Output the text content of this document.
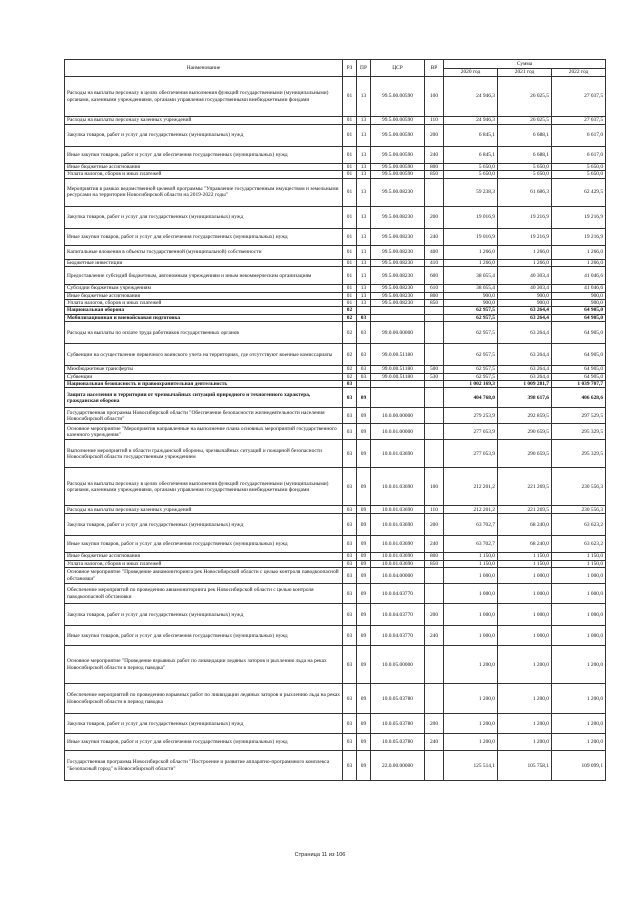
Наименование	РЗ	ПР	ЦСР	ВР	Сумма		
					2020 год	2021 год	2022 год
Расходы на выплаты персоналу в целях обеспечения выполнения функций государственными (муниципальными) органами, казенными учреждениями, органами управления государственными внебюджетными фондами	01	13	99.5.00.00590	100	24 946,3	26 025,5	27 037,5
Расходы на выплаты персоналу казенных учреждений	01	13	99.5.00.00590	110	24 946,3	26 025,5	27 037,5
Закупка товаров, работ и услуг для государственных (муниципальных) нужд	01	13	99.5.00.00590	200	6 845,1	6 688,1	6 617,0
Иные закупки товаров, работ и услуг для обеспечения государственных (муниципальных) нужд	01	13	99.5.00.00590	240	6 845,1	6 688,1	6 617,0
Иные бюджетные ассигнования	01	13	99.5.00.00590	800	5 650,0	5 650,0	5 650,0
Уплата налогов, сборов и иных платежей	01	13	99.5.00.00590	850	5 650,0	5 650,0	5 650,0
Мероприятия в рамках ведомственной целевой программы "Управление государственным имуществом и земельными ресурсами на территории Новосибирской области на 2019-2022 годы"	01	13	99.5.00.08230		59 238,3	61 686,3	62 429,5
Закупка товаров, работ и услуг для государственных (муниципальных) нужд	01	13	99.5.00.08230	200	19 016,9	19 216,9	19 216,9
Иные закупки товаров, работ и услуг для обеспечения государственных (муниципальных) нужд	01	13	99.5.00.08230	240	19 016,9	19 216,9	19 216,9
Капитальные вложения в объекты государственной (муниципальной) собственности	01	13	99.5.00.08230	400	1 266,0	1 266,0	1 266,0
Бюджетные инвестиции	01	13	99.5.00.08230	410	1 266,0	1 266,0	1 266,0
Предоставление субсидий бюджетным, автономным учреждениям и иным некоммерческим организациям	01	13	99.5.00.08230	600	38 055,4	40 303,4	41 046,6
Субсидии бюджетным учреждениям	01	13	99.5.00.08230	610	38 055,4	40 303,4	41 046,6
Иные бюджетные ассигнования	01	13	99.5.00.08230	800	900,0	900,0	900,0
Уплата налогов, сборов и иных платежей	01	13	99.5.00.08230	850	900,0	900,0	900,0
Национальная оборона	02				62 957,5	63 264,4	64 905,0
Мобилизационная и вневойсковая подготовка	02	03			62 957,5	63 264,4	64 905,0
Расходы на выплаты по оплате труда работников государственных органов	02	03	99.0.00.00000		62 957,5	63 264,4	64 905,0
Субвенции на осуществление первичного воинского учета на территориях, где отсутствуют военные комиссариаты	02	03	99.0.00.51180		62 957,5	63 264,4	64 905,0
Межбюджетные трансферты	02	03	99.0.00.51180	500	62 957,5	63 264,4	64 905,0
Субвенции	02	03	99.0.00.51180	530	62 957,5	63 264,4	64 905,0
Национальная безопасность и правоохранительная деятельность	03				1 002 169,3	1 009 281,7	1 039 707,7
Защита населения и территории от чрезвычайных ситуаций природного и техногенного характера, гражданская оборона	03	09			404 768,0	398 617,6	406 628,6
Государственная программа Новосибирской области "Обеспечение безопасности жизнедеятельности населения Новосибирской области"	03	09	10.0.00.00000		279 253,9	292 859,5	297 529,5
Основное мероприятие "Мероприятия направленные на выполнение плана основных мероприятий государственного казенного учреждения"	03	09	10.0.01.00000		277 053,9	290 659,5	295 329,5
Выполнение мероприятий в области гражданской обороны, чрезвычайных ситуаций и пожарной безопасности Новосибирской области государственным учреждением	03	09	10.0.01.03690		277 053,9	290 659,5	295 329,5
Расходы на выплаты персоналу в целях обеспечения выполнения функций государственными (муниципальными) органами, казенными учреждениями, органами управления государственными внебюджетными фондами	03	09	10.0.01.03690	100	212 201,2	221 269,5	230 556,3
Расходы на выплаты персоналу казенных учреждений	03	09	10.0.01.03690	110	212 201,2	221 269,5	230 556,3
Закупка товаров, работ и услуг для государственных (муниципальных) нужд	03	09	10.0.01.03690	200	63 702,7	68 240,0	63 623,2
Иные закупки товаров, работ и услуг для обеспечения государственных (муниципальных) нужд	03	09	10.0.01.03690	240	63 702,7	68 240,0	63 623,2
Иные бюджетные ассигнования	03	09	10.0.01.03690	800	1 150,0	1 150,0	1 150,0
Уплата налогов, сборов и иных платежей	03	09	10.0.01.03690	850	1 150,0	1 150,0	1 150,0
Основное мероприятие "Проведение авиамониторинга рек Новосибирской области с целью контроля паводкоопасной обстановки"	03	09	10.0.04.00000		1 000,0	1 000,0	1 000,0
Обеспечение мероприятий по проведению авиамониторинга рек Новосибирской области с целью контроля паводкоопасной обстановки	03	09	10.0.04.03770		1 000,0	1 000,0	1 000,0
Закупка товаров, работ и услуг для государственных (муниципальных) нужд	03	09	10.0.04.03770	200	1 000,0	1 000,0	1 000,0
Иные закупки товаров, работ и услуг для обеспечения государственных (муниципальных) нужд	03	09	10.0.04.03770	240	1 000,0	1 000,0	1 000,0
Основное мероприятие "Проведение взрывных работ по ликвидации ледяных заторов и рыхлению льда на реках Новосибирской области в период паводка"	03	09	10.0.05.00000		1 200,0	1 200,0	1 200,0
Обеспечение мероприятий по проведению взрывных работ по ликвидации ледяных заторов и рыхлению льда на реках Новосибирской области в период паводка	03	09	10.0.05.03780		1 200,0	1 200,0	1 200,0
Закупка товаров, работ и услуг для государственных (муниципальных) нужд	03	09	10.0.05.03780	200	1 200,0	1 200,0	1 200,0
Иные закупки товаров, работ и услуг для обеспечения государственных (муниципальных) нужд	03	09	10.0.05.03780	240	1 200,0	1 200,0	1 200,0
Государственная программа Новосибирской области "Построение и развитие аппаратно-программного комплекса "Безопасный город" в Новосибирской области"	03	09	22.0.00.00000		125 514,1	105 758,1	109 099,1
Страница 11 из 106
